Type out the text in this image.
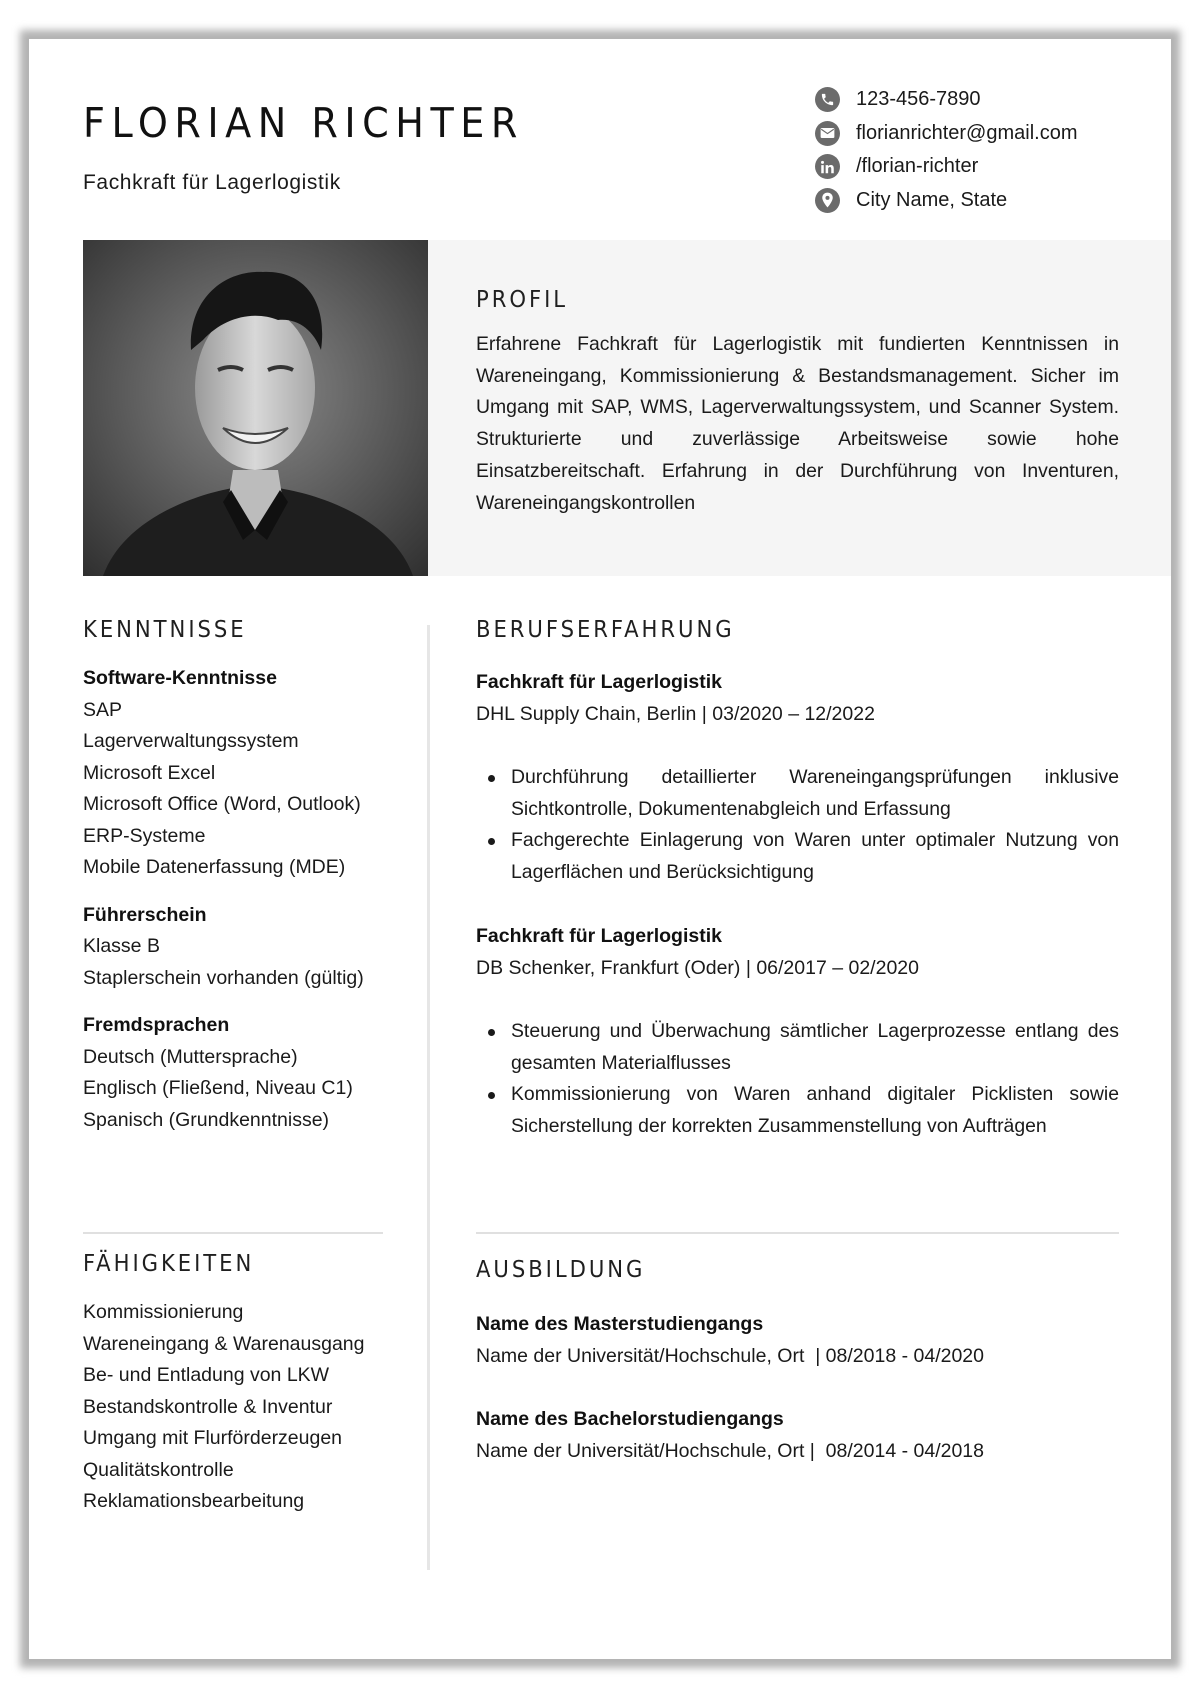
FLORIAN RICHTER
Fachkraft für Lagerlogistik
123-456-7890
florianrichter@gmail.com
/florian-richter
City Name, State
PROFIL

Erfahrene Fachkraft für Lagerlogistik mit fundierten Kenntnissen in Wareneingang, Kommissionierung & Bestandsmanagement. Sicher im Umgang mit SAP, WMS, Lagerverwaltungssystem, und Scanner System. Strukturierte und zuverlässige Arbeitsweise sowie hohe Einsatzbereitschaft. Erfahrung in der Durchführung von Inventuren, Wareneingangskontrollen

KENNTNISSE
Software-Kenntnisse
SAP
Lagerverwaltungssystem
Microsoft Excel
Microsoft Office (Word, Outlook)
ERP-Systeme
Mobile Datenerfassung (MDE)
Führerschein
Klasse B
Staplerschein vorhanden (gültig)
Fremdsprachen
Deutsch (Muttersprache)
Englisch (Fließend, Niveau C1)
Spanisch (Grundkenntnisse)
FÄHIGKEITEN
Kommissionierung
Wareneingang & Warenausgang
Be- und Entladung von LKW
Bestandskontrolle & Inventur
Umgang mit Flurförderzeugen
Qualitätskontrolle
Reklamationsbearbeitung
BERUFSERFAHRUNG
Fachkraft für Lagerlogistik
DHL Supply Chain, Berlin | 03/2020 – 12/2022
Durchführung detaillierter Wareneingangsprüfungen inklusive Sichtkontrolle, Dokumentenabgleich und Erfassung
Fachgerechte Einlagerung von Waren unter optimaler Nutzung von Lagerflächen und Berücksichtigung
Fachkraft für Lagerlogistik
DB Schenker, Frankfurt (Oder) | 06/2017 – 02/2020
Steuerung und Überwachung sämtlicher Lagerprozesse entlang des gesamten Materialflusses
Kommissionierung von Waren anhand digitaler Picklisten sowie Sicherstellung der korrekten Zusammenstellung von Aufträgen
AUSBILDUNG
Name des Masterstudiengangs
Name der Universität/Hochschule, Ort  | 08/2018 - 04/2020
Name des Bachelorstudiengangs
Name der Universität/Hochschule, Ort |  08/2014 - 04/2018
